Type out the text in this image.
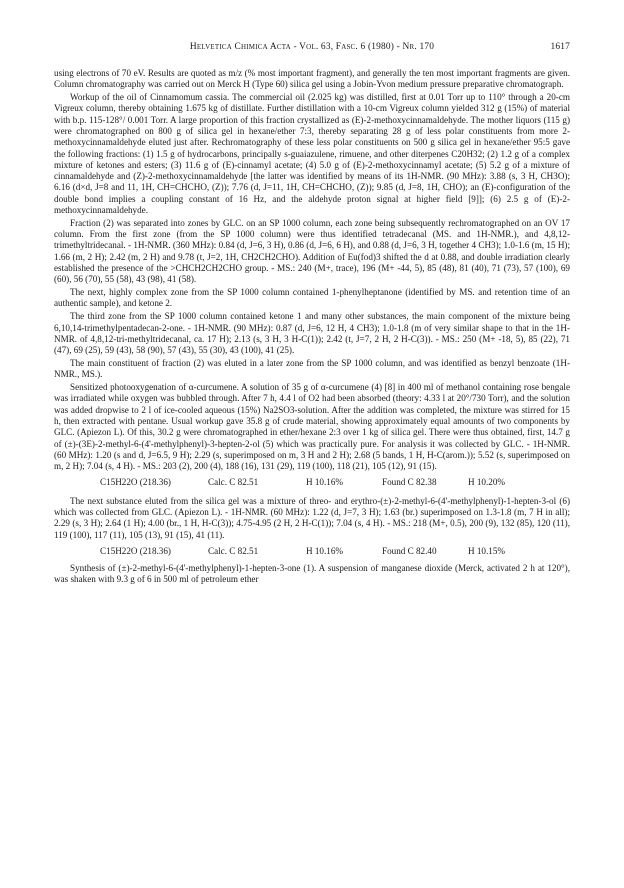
Helvetica Chimica Acta - Vol. 63, Fasc. 6 (1980) - Nr. 170	1617

using electrons of 70 eV. Results are quoted as m/z (% most important fragment), and generally the ten most important fragments are given. Column chromatography was carried out on Merck H (Type 60) silica gel using a Jobin-Yvon medium pressure preparative chromatograph.

Workup of the oil of Cinnamomum cassia. The commercial oil (2.025 kg) was distilled, first at 0.01 Torr up to 110° through a 20-cm Vigreux column, thereby obtaining 1.675 kg of distillate. Further distillation with a 10-cm Vigreux column yielded 312 g (15%) of material with b.p. 115-128°/ 0.001 Torr. A large proportion of this fraction crystallized as (E)-2-methoxycinnamaldehyde. The mother liquors (115 g) were chromatographed on 800 g of silica gel in hexane/ether 7:3, thereby separating 28 g of less polar constituents from more 2-methoxycinnamaldehyde eluted just after. Rechromatography of these less polar constituents on 500 g silica gel in hexane/ether 95:5 gave the following fractions: (1) 1.5 g of hydrocarbons, principally s-guaiazulene, rimuene, and other diterpenes C20H32; (2) 1.2 g of a complex mixture of ketones and esters; (3) 11.6 g of (E)-cinnamyl acetate; (4) 5.0 g of (E)-2-methoxycinnamyl acetate; (5) 5.2 g of a mixture of cinnamaldehyde and (Z)-2-methoxycinnamaldehyde [the latter was identified by means of its 1H-NMR. (90 MHz): 3.88 (s, 3 H, CH3O); 6.16 (d×d, J=8 and 11, 1H, CH=CHCHO, (Z)); 7.76 (d, J=11, 1H, CH=CHCHO, (Z)); 9.85 (d, J=8, 1H, CHO); an (E)-configuration of the double bond implies a coupling constant of 16 Hz, and the aldehyde proton signal at higher field [9]]; (6) 2.5 g of (E)-2-methoxycinnamaldehyde.

Fraction (2) was separated into zones by GLC. on an SP 1000 column, each zone being subsequently rechromatographed on an OV 17 column. From the first zone (from the SP 1000 column) were thus identified tetradecanal (MS. and 1H-NMR.), and 4,8,12-trimethyltridecanal. - 1H-NMR. (360 MHz): 0.84 (d, J=6, 3 H), 0.86 (d, J=6, 6 H), and 0.88 (d, J=6, 3 H, together 4 CH3); 1.0-1.6 (m, 15 H); 1.66 (m, 2 H); 2.42 (m, 2 H) and 9.78 (t, J=2, 1H, CH2CH2CHO). Addition of Eu(fod)3 shifted the d at 0.88, and double irradiation clearly established the presence of the >CHCH2CH2CHO group. - MS.: 240 (M+, trace), 196 (M+ -44, 5), 85 (48), 81 (40), 71 (73), 57 (100), 69 (60), 56 (70), 55 (58), 43 (98), 41 (58).

The next, highly complex zone from the SP 1000 column contained 1-phenylheptanone (identified by MS. and retention time of an authentic sample), and ketone 2.

The third zone from the SP 1000 column contained ketone 1 and many other substances, the main component of the mixture being 6,10,14-trimethylpentadecan-2-one. - 1H-NMR. (90 MHz): 0.87 (d, J=6, 12 H, 4 CH3); 1.0-1.8 (m of very similar shape to that in the 1H-NMR. of 4,8,12-tri-methyltridecanal, ca. 17 H); 2.13 (s, 3 H, 3 H-C(1)); 2.42 (t, J=7, 2 H, 2 H-C(3)). - MS.: 250 (M+ -18, 5), 85 (22), 71 (47), 69 (25), 59 (43), 58 (90), 57 (43), 55 (30), 43 (100), 41 (25).

The main constituent of fraction (2) was eluted in a later zone from the SP 1000 column, and was identified as benzyl benzoate (1H-NMR., MS.).

Sensitized photooxygenation of α-curcumene. A solution of 35 g of α-curcumene (4) [8] in 400 ml of methanol containing rose bengale was irradiated while oxygen was bubbled through. After 7 h, 4.4 l of O2 had been absorbed (theory: 4.33 l at 20°/730 Torr), and the solution was added dropwise to 2 l of ice-cooled aqueous (15%) Na2SO3-solution. After the addition was completed, the mixture was stirred for 15 h, then extracted with pentane. Usual workup gave 35.8 g of crude material, showing approximately equal amounts of two components by GLC. (Apiezon L). Of this, 30.2 g were chromatographed in ether/hexane 2:3 over 1 kg of silica gel. There were thus obtained, first, 14.7 g of (±)-(3E)-2-methyl-6-(4'-methylphenyl)-3-hepten-2-ol (5) which was practically pure. For analysis it was collected by GLC. - 1H-NMR. (60 MHz): 1.20 (s and d, J=6.5, 9 H); 2.29 (s, superimposed on m, 3 H and 2 H); 2.68 (5 bands, 1 H, H-C(arom.)); 5.52 (s, superimposed on m, 2 H); 7.04 (s, 4 H). - MS.: 203 (2), 200 (4), 188 (16), 131 (29), 119 (100), 118 (21), 105 (12), 91 (15).

C15H22O (218.36)	Calc. C 82.51	H 10.16%	Found C 82.38	H 10.20%

The next substance eluted from the silica gel was a mixture of threo- and erythro-(±)-2-methyl-6-(4'-methylphenyl)-1-hepten-3-ol (6) which was collected from GLC. (Apiezon L). - 1H-NMR. (60 MHz): 1.22 (d, J=7, 3 H); 1.63 (br.) superimposed on 1.3-1.8 (m, 7 H in all); 2.29 (s, 3 H); 2.64 (1 H); 4.00 (br., 1 H, H-C(3)); 4.75-4.95 (2 H, 2 H-C(1)); 7.04 (s, 4 H). - MS.: 218 (M+, 0.5), 200 (9), 132 (85), 120 (11), 119 (100), 117 (11), 105 (13), 91 (15), 41 (11).

C15H22O (218.36)	Calc. C 82.51	H 10.16%	Found C 82.40	H 10.15%

Synthesis of (±)-2-methyl-6-(4'-methylphenyl)-1-hepten-3-one (1). A suspension of manganese dioxide (Merck, activated 2 h at 120°), was shaken with 9.3 g of 6 in 500 ml of petroleum ether
